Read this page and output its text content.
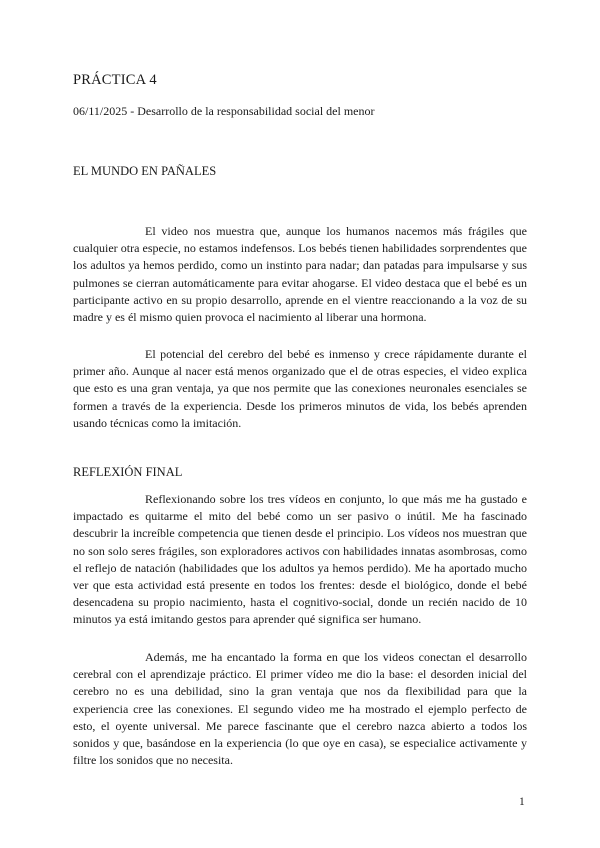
PRÁCTICA 4
06/11/2025 - Desarrollo de la responsabilidad social del menor
EL MUNDO EN PAÑALES

El video nos muestra que, aunque los humanos nacemos más frágiles que cualquier otra especie, no estamos indefensos. Los bebés tienen habilidades sorprendentes que los adultos ya hemos perdido, como un instinto para nadar; dan patadas para impulsarse y sus pulmones se cierran automáticamente para evitar ahogarse. El video destaca que el bebé es un participante activo en su propio desarrollo, aprende en el vientre reaccionando a la voz de su madre y es él mismo quien provoca el nacimiento al liberar una hormona.

El potencial del cerebro del bebé es inmenso y crece rápidamente durante el primer año. Aunque al nacer está menos organizado que el de otras especies, el video explica que esto es una gran ventaja, ya que nos permite que las conexiones neuronales esenciales se formen a través de la experiencia. Desde los primeros minutos de vida, los bebés aprenden usando técnicas como la imitación.

REFLEXIÓN FINAL

Reflexionando sobre los tres vídeos en conjunto, lo que más me ha gustado e impactado es quitarme el mito del bebé como un ser pasivo o inútil. Me ha fascinado descubrir la increíble competencia que tienen desde el principio. Los vídeos nos muestran que no son solo seres frágiles, son exploradores activos con habilidades innatas asombrosas, como el reflejo de natación (habilidades que los adultos ya hemos perdido). Me ha aportado mucho ver que esta actividad está presente en todos los frentes: desde el biológico, donde el bebé desencadena su propio nacimiento, hasta el cognitivo-social, donde un recién nacido de 10 minutos ya está imitando gestos para aprender qué significa ser humano.

Además, me ha encantado la forma en que los videos conectan el desarrollo cerebral con el aprendizaje práctico. El primer vídeo me dio la base: el desorden inicial del cerebro no es una debilidad, sino la gran ventaja que nos da flexibilidad para que la experiencia cree las conexiones. El segundo video me ha mostrado el ejemplo perfecto de esto, el oyente universal. Me parece fascinante que el cerebro nazca abierto a todos los sonidos y que, basándose en la experiencia (lo que oye en casa), se especialice activamente y filtre los sonidos que no necesita.

1
